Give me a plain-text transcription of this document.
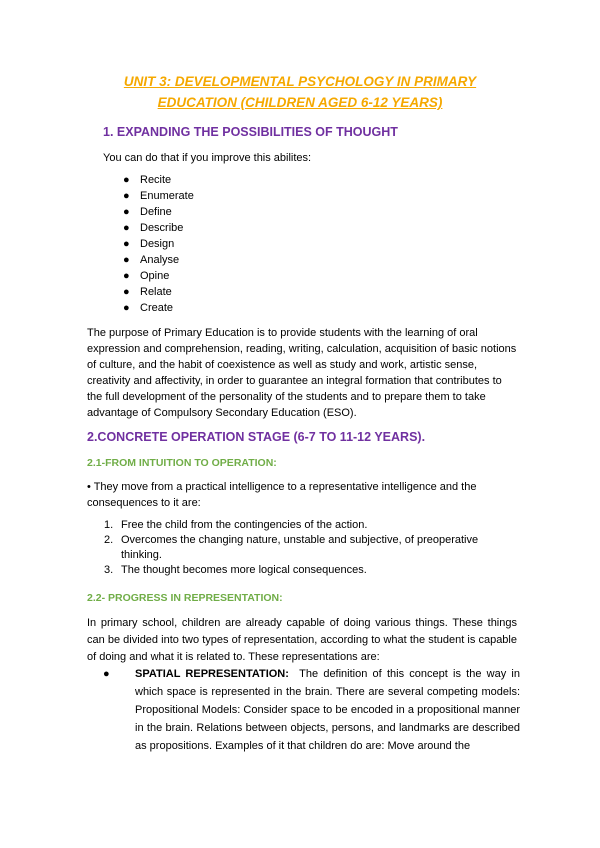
UNIT 3: DEVELOPMENTAL PSYCHOLOGY IN PRIMARY
EDUCATION (CHILDREN AGED 6-12 YEARS)
1. EXPANDING THE POSSIBILITIES OF THOUGHT
You can do that if you improve this abilites:
● Recite
● Enumerate
● Define
● Describe
● Design
● Analyse
● Opine
● Relate
● Create
The purpose of Primary Education is to provide students with the learning of oral expression and comprehension, reading, writing, calculation, acquisition of basic notions of culture, and the habit of coexistence as well as study and work, artistic sense, creativity and affectivity, in order to guarantee an integral formation that contributes to the full development of the personality of the students and to prepare them to take advantage of Compulsory Secondary Education (ESO).
2.CONCRETE OPERATION STAGE (6-7 TO 11-12 YEARS).
2.1-FROM INTUITION TO OPERATION:
• They move from a practical intelligence to a representative intelligence and the consequences to it are:
1. Free the child from the contingencies of the action.
2. Overcomes the changing nature, unstable and subjective, of preoperative thinking.
3. The thought becomes more logical consequences.
2.2- PROGRESS IN REPRESENTATION:
In primary school, children are already capable of doing various things. These things can be divided into two types of representation, according to what the student is capable of doing and what it is related to. These representations are:
● SPATIAL REPRESENTATION: The definition of this concept is the way in which space is represented in the brain. There are several competing models: Propositional Models: Consider space to be encoded in a propositional manner in the brain. Relations between objects, persons, and landmarks are described as propositions. Examples of it that children do are: Move around the
